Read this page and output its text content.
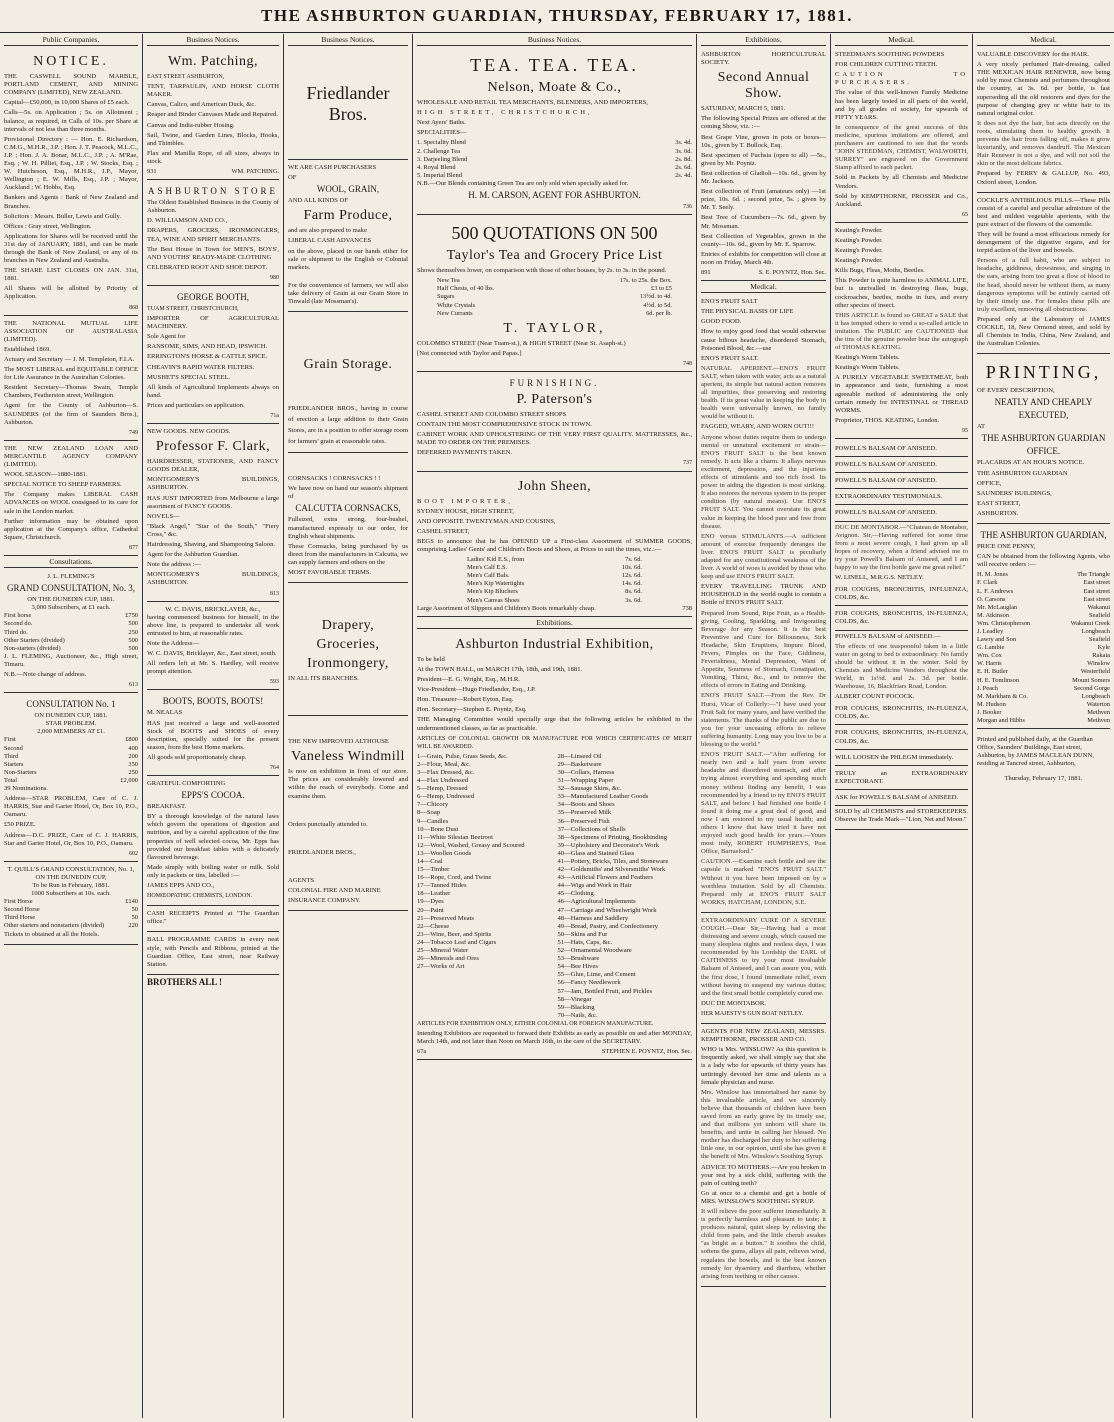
THE ASHBURTON GUARDIAN, THURSDAY, FEBRUARY 17, 1881.
Public Companies.
NOTICE.

THE CASWELL SOUND MARBLE, PORTLAND CEMENT, AND MINING COMPANY (LIMITED), NEW ZEALAND.

Capital—£50,000, in 10,000 Shares of £5 each.

Calls—5s. on Application ; 5s. on Allotment ; balance, as required, in Calls of 10s. per Share at intervals of not less than three months.

Provisional Directory : — Hon. E. Richardson, C.M.G., M.H.R., J.P. ; Hon. J. T. Peacock, M.L.C., J.P. ; Hon. J. A. Bonar, M.L.C., J.P. ; A. M'Rae, Esq. ; W. H. Pilliet, Esq., J.P. ; W. Stocks, Esq. ; W. Hutcheson, Esq., M.H.R., J.P., Mayor, Wellington ; E. W. Mills, Esq., J.P. ; Mayor, Auckland ; W. Hobbs, Esq.

Bankers and Agents : Bank of New Zealand and Branches.

Solicitors : Messrs. Buller, Lewis and Gully.

Offices : Gray street, Wellington.

Applications for Shares will be received until the 31st day of JANUARY, 1881, and can be made through the Bank of New Zealand, or any of its branches in New Zealand and Australia.

THE SHARE LIST CLOSES ON JAN. 31st, 1881.

All Shares will be allotted by Priority of Application.

868

THE NATIONAL MUTUAL LIFE ASSOCIATION OF AUSTRALASIA (LIMITED).

Established 1869.

Actuary and Secretary — J. M. Templeton, F.I.A.

The MOST LIBERAL and EQUITABLE OFFICE for Life Assurance in the Australian Colonies.

Resident Secretary—Thomas Swain, Temple Chambers, Featherston street, Wellington.

Agent for the County of Ashburton—S. SAUNDERS (of the firm of Saunders Bros.), Ashburton.

749

THE NEW ZEALAND LOAN AND MERCANTILE AGENCY COMPANY (LIMITED).

WOOL SEASON—1880-1881.

SPECIAL NOTICE TO SHEEP FARMERS.

The Company makes LIBERAL CASH ADVANCES on WOOL consigned to its care for sale in the London market.

Further information may be obtained upon application at the Company's office, Cathedral Square, Christchurch.

877
Consultations.
J. L. FLEMING'S
GRAND CONSULTATION, No. 3,
ON THE DUNEDIN CUP, 1881.
3,000 Subscribers, at £1 each.
First horse	£750
Second do.	500
Third do.	250
Other Starters (divided)	500
Non-starters (divided)	500

J. L. FLEMING, Auctioneer, &c., High street, Timaru.

N.B.—Note change of address.

613
CONSULTATION No. 1
ON DUNEDIN CUP, 1881.
STAR PROBLEM.
2,000 MEMBERS AT £1.
First	£800
Second	400
Third	200
Starters	350
Non-Starters	250
Total	£2,000

39 Nominations.

Address—STAR PROBLEM, Care of C. J. HARRIS, Star and Garter Hotel, Or, Box 10, P.O., Oamaru.

£50 PRIZE.

Address—D.C. PRIZE, Care of C. J. HARRIS, Star and Garter Hotel, Or, Box 10, P.O., Oamaru.

602
T. QUILL'S GRAND CONSULTATION, No. 1,
ON THE DUNEDIN CUP,
To be Run in February, 1881.
1000 Subscribers at 10s. each.
First Horse	£140
Second Horse	50
Third Horse	50
Other starters and nonstarters (divided)	220

Tickets to obtained at all the Hotels.

Business Notices.
Wm. Patching,

EAST STREET ASHBURTON,

TENT, TARPAULIN, AND HORSE CLOTH MAKER.

Canvas, Calico, and American Duck, &c.

Reaper and Binder Canvases Made and Repaired.

Canvas and India-rubber Hosing.

Sail, Twine, and Garden Lines, Blocks, Hooks, and Thimbles.

Flax and Manilla Rope, of all sizes, always in stock.

931	WM. PATCHING.
ASHBURTON STORE

The Oldest Established Business in the County of Ashburton.

D. WILLIAMSON AND CO.,

DRAPERS, GROCERS, IRONMONGERS, TEA, WINE AND SPIRIT MERCHANTS.

The Best House in Town for MEN'S, BOYS', AND YOUTHS' READY-MADE CLOTHING

CELEBRATED ROOT AND SHOE DEPOT.

980
GEORGE BOOTH,

TUAM STREET, CHRISTCHURCH,

IMPORTER OF AGRICULTURAL MACHINERY.

Sole Agent for

RANSOME, SIMS, AND HEAD, IPSWICH.

ERRINGTON'S HORSE & CATTLE SPICE.

CHEAVIN'S RAPID WATER FILTERS.

MUSHET'S SPECIAL STEEL.

All kinds of Agricultural Implements always on hand.

Prices and particulars on application.

71a

NEW GOODS. NEW GOODS.

Professor F. Clark,

HAIRDRESSER, STATIONER, AND FANCY GOODS DEALER,

MONTGOMERY'S BUILDINGS, ASHBURTON.

HAS JUST IMPORTED from Melbourne a large assortment of FANCY GOODS.

NOVELS—

"Black Angel," "Star of the South," "Fiery Cross," &c.

Hairdressing, Shaving, and Shampooing Saloon.

Agent for the Ashburton Guardian.

Note the address :—

MONTGOMERY'S BUILDINGS, ASHBURTON.

813
W. C. DAVIS, BRICKLAYER, &c.,

having commenced business for himself, in the above line, is prepared to undertake all work entrusted to him, at reasonable rates.

Note the Address—

W. C. DAVIS, Bricklayer, &c., East street, south.

All orders left at Mr. S. Hardley, will receive prompt attention.

593
BOOTS, BOOTS, BOOTS!

M. NEALAS

HAS just received a large and well-assorted Stock of BOOTS and SHOES of every description, specially suited for the present season, from the best Home markets.

All goods sold proportionately cheap.

764

GRATEFUL COMFORTING

EPPS'S COCOA.

BREAKFAST.

BY a thorough knowledge of the natural laws which govern the operations of digestion and nutrition, and by a careful application of the fine properties of well selected cocoa, Mr. Epps has provided our breakfast tables with a delicately flavoured beverage.

Made simply with boiling water or milk. Sold only in packets or tins, labelled :—

JAMES EPPS AND CO.,

HOMŒOPATHIC CHEMISTS, LONDON.

CASH RECEIPTS Printed at "The Guardian office."

BALL PROGRAMME CARDS in every neat style, with Pencils and Ribbons, printed at the Guardian Office, East street, near Railway Station.

BROTHERS ALL !
Business Notices.
Friedlander Bros.

WE ARE CASH PURCHASERS

OF

WOOL, GRAIN,

AND ALL KINDS OF

Farm Produce,

and are also prepared to make

LIBERAL CASH ADVANCES

on the above, placed in our hands either for sale or shipment to the English or Colonial markets.

For the convenience of farmers, we will also take delivery of Grain at our Grain Store in Tinwald (late Mossman's).

Grain Storage.

FRIEDLANDER BROS., having in course of erection a large addition to their Grain Stores, are in a position to offer storage room for farmers' grain at reasonable rates.

CORNSACKS ! CORNSACKS ! !

We have now on hand our season's shipment of

CALCUTTA CORNSACKS,

Fullsized, extra strong, four-bushel, manufactured expressly to our order, for English wheat shipments.

These Cornsacks, being purchased by us direct from the manufacturers in Calcutta, we can supply farmers and others on the

MOST FAVORABLE TERMS.

Drapery,
Groceries,
Ironmongery,

IN ALL ITS BRANCHES.

THE NEW IMPROVED ALTHOUSE

Vaneless Windmill

Is now on exhibition in front of our store. The prices are considerably lowered and within the reach of everybody. Come and examine them.

Orders punctually attended to.

FRIEDLANDER BROS.,

AGENTS

COLONIAL FIRE AND MARINE

INSURANCE COMPANY.

Business Notices.
TEA. TEA. TEA.
Nelson, Moate & Co.,

WHOLESALE AND RETAIL TEA MERCHANTS, BLENDERS, AND IMPORTERS,

HIGH STREET, CHRISTCHURCH,

Next Ayers' Baths.

SPECIALITIES—

1. Speciality Blend	3s. 4d.
2. Challenge Tea	3s. 0d.
3. Darjeeling Blend	2s. 8d.
4. Royal Blend	2s. 6d.
5. Imperial Blend	2s. 4d.

N.B.—Our Blends containing Green Tea are only sold when specially asked for.

H. M. CARSON, AGENT FOR ASHBURTON.
736
500 QUOTATIONS ON 500
Taylor's Tea and Grocery Price List

Shows themselves lower, on comparison with those of other houses, by 2s. to 3s. in the pound.

New Tea	17s. to 25s. the Box.
Half Chests, of 40 lbs.	£3 to £5
Sugars	13½d. to 4d.
White Crystals	4½d. to 5d.
New Currants	6d. per lb.
T. TAYLOR,

COLOMBO STREET (Near Tuam-st.), & HIGH STREET (Near St. Asaph-st.)

[Not connected with Taylor and Papas.]

748
FURNISHING.
P. Paterson's

CASHEL STREET AND COLOMBO STREET SHOPS

CONTAIN THE MOST COMPREHENSIVE STOCK IN TOWN.

CABINET WORK AND UPHOLSTERING OF THE VERY FIRST QUALITY. MATTRESSES, &c., MADE TO ORDER ON THE PREMISES.

DEFERRED PAYMENTS TAKEN.

737
John Sheen,

BOOT IMPORTER,

SYDNEY HOUSE, HIGH STREET,

AND OPPOSITE TWENTYMAN AND COUSINS,

CASHEL STREET,

BEGS to announce that he has OPENED UP a First-class Assortment of SUMMER GOODS, comprising Ladies' Gents' and Children's Boots and Shoes, at Prices to suit the times, viz.:—

Ladies' Kid E.S., from	7s. 6d.
Men's Calf E.S.	10s. 6d.
Men's Calf Bals.	12s. 6d.
Men's Kip Watertights	14s. 6d.
Men's Kip Bluchers	8s. 6d.
Men's Canvas Shoes	3s. 6d.
Large Assortment of Slippers and Children's Boots remarkably cheap.	738
Exhibitions.
Ashburton Industrial Exhibition,

To be held

At the TOWN HALL, on MARCH 17th, 18th, and 19th, 1881.

President—E. G. Wright, Esq., M.H.R.

Vice-President—Hugo Friedlander, Esq., J.P.

Hon. Treasurer—Robert Eyton, Esq.

Hon. Secretary—Stephen E. Poyntz, Esq.

THE Managing Committee would specially urge that the following articles be exhibited in the undermentioned classes, as far as practicable.

ARTICLES OF COLONIAL GROWTH OR MANUFACTURE FOR WHICH CERTIFICATES OF MERIT WILL BE AWARDED.

1—Grain, Pulse, Grass Seeds, &c.
2—Flour, Meal, &c.
3—Flax Dressed, &c.
4—Flax Undressed
5—Hemp, Dressed
6—Hemp, Undressed
7—Chicory
8—Soap
9—Candles
10—Bone Dust
11—White Silesian Beetroot
12—Wool, Washed, Greasy and Scoured
13—Woollen Goods
14—Coal
15—Timber
16—Rope, Cord, and Twine
17—Tanned Hides
18—Leather
19—Dyes
20—Paint
21—Preserved Meats
22—Cheese
23—Wine, Beer, and Spirits
24—Tobacco Leaf and Cigars
25—Mineral Water
26—Minerals and Ores
27—Works of Art
28—Linseed Oil
29—Basketware
30—Collars, Harness
31—Wrapping Paper
32—Sausage Skins, &c.
33—Manufactured Leather Goods
34—Boots and Shoes
35—Preserved Milk
36—Preserved Fish
37—Collections of Shells
38—Specimens of Printing, Bookbinding
39—Upholstery and Decorator's Work
40—Glass and Stained Glass
41—Pottery, Bricks, Tiles, and Stoneware
42—Goldsmiths' and Silversmiths' Work
43—Artificial Flowers and Feathers
44—Wigs and Work in Hair
45—Clothing
46—Agricultural Implements
47—Carriage and Wheelwright Work
48—Harness and Saddlery
49—Bread, Pastry, and Confectionery
50—Skins and Fur
51—Hats, Caps, &c.
52—Ornamental Woodware
53—Brushware
54—Bee Hives
55—Glue, Lime, and Cement
56—Fancy Needlework
57—Jam, Bottled Fruit, and Pickles
58—Vinegar
59—Blacking
70—Nails, &c.

ARTICLES FOR EXHIBITION ONLY, EITHER COLONIAL OR FOREIGN MANUFACTURE.

Intending Exhibitors are requested to forward their Exhibits as early as possible on and after MONDAY, March 14th, and not later than Noon on March 16th, to the care of the SECRETARY.

67a	STEPHEN E. POYNTZ, Hon. Sec.
Exhibitions.

ASHBURTON HORTICULTURAL SOCIETY.

Second Annual Show.

SATURDAY, MARCH 5, 1881.

The following Special Prizes are offered at the coming Show, viz. :—

Best Grape Vine, grown in pots or boxes—10s., given by T. Bullock, Esq.

Best specimen of Fuchsia (open to all) —5s., given by Mr. Poyntz.

Best collection of Gladioli—10s. 6d., given by Mr. Jackson.

Best collection of Fruit (amateurs only) —1st prize, 10s. 6d. ; second prize, 5s. ; given by Mr. T. Seely.

Best Tree of Cucumbers—7s. 6d., given by Mr. Mossman.

Best Collection of Vegetables, grown in the county—10s. 6d., given by Mr. E. Sparrow.

Entries of exhibits for competition will close at noon on Friday, March 4th.

891	S. E. POYNTZ, Hon. Sec.
Medical.

ENO'S FRUIT SALT

THE PHYSICAL BASIS OF LIFE

GOOD FOOD.

How to enjoy good food that would otherwise cause bilious headache, disordered Stomach, Poisoned Blood, &c.—use

ENO'S FRUIT SALT.

NATURAL APERIENT.—ENO'S FRUIT SALT, when taken with water, acts as a natural aperient, its simple but natural action removes all impurities, thus preserving and restoring health. If its great value in keeping the body in health were universally known, no family would be without it.

FAGGED, WEARY, AND WORN OUT!!!

Anyone whose duties require them to undergo mental or unnatural excitement or strain—ENO'S FRUIT SALT is the best known remedy. It acts like a charm. It allays nervous excitement, depression, and the injurious effects of stimulants and too rich food. Its power in aiding the digestion is most striking. It also restores the nervous system to its proper condition (by natural means). Use ENO'S FRUIT SALT. You cannot overstate its great value in keeping the blood pure and free from disease.

ENO versus STIMULANTS.—A sufficient amount of exercise frequently deranges the liver. ENO'S FRUIT SALT is peculiarly adapted for any constitutional weakness of the liver. A world of woes is avoided by those who keep and use ENO'S FRUIT SALT.

EVERY TRAVELLING TRUNK AND HOUSEHOLD in the world ought to contain a Bottle of ENO'S FRUIT SALT.

Prepared from Sound, Ripe Fruit, as a Health-giving, Cooling, Sparkling, and Invigorating Beverage for any Season. It is the best Preventive and Cure for Biliousness, Sick Headache, Skin Eruptions, Impure Blood, Fevers, Pimples on the Face, Giddiness, Feverishness, Mental Depression, Want of Appetite, Sourness of Stomach, Constipation, Vomiting, Thirst, &c., and to remove the effects of errors in Eating and Drinking.

ENO'S FRUIT SALT.—From the Rev. Dr Hurst, Vicar of Collerly:—"I have used your Fruit Salt for many years, and have verified the statements. The thanks of the public are due to you for your unceasing efforts to relieve suffering humanity. Long may you live to be a blessing to the world."

ENO'S FRUIT SALT.—"After suffering for nearly two and a half years from severe headache and disordered stomach, and after trying almost everything and spending much money without finding any benefit, I was recommended by a friend to try ENO'S FRUIT SALT, and before I had finished one bottle I found it doing me a great deal of good, and now I am restored to my usual health; and others I know that have tried it have not enjoyed such good health for years.—Yours most truly, ROBERT HUMPHREYS, Post Office, Barrasford."

CAUTION.—Examine each bottle and see the capsule is marked "ENO'S FRUIT SALT." Without it you have been imposed on by a worthless imitation. Sold by all Chemists. Prepared only at ENO'S FRUIT SALT WORKS, HATCHAM, LONDON, S.E.

EXTRAORDINARY CURE OF A SEVERE COUGH.—Dear Sir,—Having had a most distressing and severe cough, which caused me many sleepless nights and restless days, I was recommended by his Lordship the EARL of CAITHNESS to try your most invaluable Balsam of Aniseed, and I can assure you, with the first dose, I found immediate relief, even without having to suspend my various duties; and the first small bottle completely cured me.

DUC DE MONTABOR.

HER MAJESTY'S GUN BOAT NETLEY.

AGENTS FOR NEW ZEALAND, MESSRS. KEMPTHORNE, PROSSER AND CO.

WHO is Mrs. WINSLOW? As this question is frequently asked, we shall simply say that she is a lady who for upwards of thirty years has untiringly devoted her time and talents as a female physician and nurse.

Mrs. Winslow has immortalised her name by this invaluable article, and we sincerely believe that thousands of children have been saved from an early grave by its timely use, and that millions yet unborn will share its benefits, and unite in calling her blessed. No mother has discharged her duty to her suffering little one, in our opinion, until she has given it the benefit of Mrs. Winslow's Soothing Syrup.

ADVICE TO MOTHERS.—Are you broken in your rest by a sick child, suffering with the pain of cutting teeth?

Go at once to a chemist and get a bottle of MRS. WINSLOW'S SOOTHING SYRUP.

It will relieve the poor sufferer immediately. It is perfectly harmless and pleasant to taste; it produces natural, quiet sleep by relieving the child from pain, and the little cherub awakes "as bright as a button." It soothes the child, softens the gums, allays all pain, relieves wind, regulates the bowels, and is the best known remedy for dysentery and diarrhœa, whether arising from teething or other causes.

Medical.

STEEDMAN'S SOOTHING POWDERS

FOR CHILDREN CUTTING TEETH.

CAUTION TO PURCHASERS.

The value of this well-known Family Medicine has been largely tested in all parts of the world, and by all grades of society, for upwards of FIFTY YEARS.

In consequence of the great success of this medicine, spurious imitations are offered, and purchasers are cautioned to see that the words "JOHN STEEDMAN, CHEMIST, WALWORTH, SURREY" are engraved on the Government Stamp affixed to each packet.

Sold in Packets by all Chemists and Medicine Vendors.

Sold by KEMPTHORNE, PROSSER and Co., Auckland.

65

Keating's Powder.

Keating's Powder.

Keating's Powder.

Keating's Powder.

Kills Bugs, Fleas, Moths, Beetles.

This Powder is quite harmless to ANIMAL LIFE, but is unrivalled in destroying fleas, bugs, cockroaches, beetles, moths in furs, and every other species of insect.

THIS ARTICLE is found so GREAT a SALE that it has tempted others to vend a so-called article in imitation. The PUBLIC are CAUTIONED that the tins of the genuine powder bear the autograph of THOMAS KEATING.

Keating's Worm Tablets.

Keating's Worm Tablets.

A PURELY VEGETABLE SWEETMEAT, both in appearance and taste, furnishing a most agreeable method of administering the only certain remedy for INTESTINAL or THREAD WORMS.

Proprietor, THOS. KEATING, London.

95

POWELL'S BALSAM OF ANISEED.

POWELL'S BALSAM OF ANISEED.

POWELL'S BALSAM OF ANISEED.

EXTRAORDINARY TESTIMONIALS.

POWELL'S BALSAM OF ANISEED.

DUC DE MONTABOR.—"Chateau de Montabor, Avignon. Sir,—Having suffered for some time from a most severe cough, I had given up all hopes of recovery, when a friend advised me to try your Powell's Balsam of Aniseed, and I am happy to say the first bottle gave me great relief."

W. LINELL, M.R.G.S. NETLEY.

FOR COUGHS, BRONCHITIS, INFLUENZA, COLDS, &c.

FOR COUGHS, BRONCHITIS, IN-FLUENZA, COLDS, &c.

POWELL'S BALSAM of ANISEED.—

The effects of one teaspoonful taken in a little water on going to bed is extraordinary. No family should be without it in the winter. Sold by Chemists and Medicine Vendors throughout the World, in 1s½d. and 2s. 3d. per bottle. Warehouse, 16, Blackfriars Road, London.

ALBERT COUNT POCOCK.

FOR COUGHS, BRONCHITIS, IN-FLUENZA, COLDS, &c.

FOR COUGHS, BRONCHITIS, IN-FLUENZA, COLDS, &c.

WILL LOOSEN the PHLEGM immediately.

TRULY an EXTRAORDINARY EXPECTORANT.

ASK for POWELL'S BALSAM of ANISEED.

SOLD by all CHEMISTS and STOREKEEPERS. Observe the Trade Mark—"Lion, Net and Moon."

Medical.

VALUABLE DISCOVERY for the HAIR.

A very nicely perfumed Hair-dressing, called THE MEXICAN HAIR RENEWER, now being sold by most Chemists and perfumers throughout the country, at 3s. 6d. per bottle, is fast superseding all the old restorers and dyes for the purpose of changing grey or white hair to its natural original color.

It does not dye the hair, but acts directly on the roots, stimulating them to healthy growth. It prevents the hair from falling off, makes it grow luxuriantly, and removes dandruff. The Mexican Hair Renewer is not a dye, and will not soil the skin or the most delicate fabrics.

Prepared by FERRY & GALLUP, No. 493, Oxford street, London.

COCKLE'S ANTIBILIOUS PILLS.—These Pills consist of a careful and peculiar admixture of the best and mildest vegetable aperients, with the pure extract of the flowers of the camomile.

They will be found a most efficacious remedy for derangement of the digestive organs, and for torpid action of the liver and bowels.

Persons of a full habit, who are subject to headache, giddiness, drowsiness, and singing in the ears, arising from too great a flow of blood to the head, should never be without them, as many dangerous symptoms will be entirely carried off by their timely use. For females these pills are truly excellent, removing all obstructions.

Prepared only at the Laboratory of JAMES COCKLE, 18, New Ormond street, and sold by all Chemists in India, China, New Zealand, and the Australian Colonies.

PRINTING,

OF EVERY DESCRIPTION,

NEATLY AND CHEAPLY
EXECUTED,

AT

THE ASHBURTON GUARDIAN
OFFICE.

PLACARDS AT AN HOUR'S NOTICE.

THE ASHBURTON GUARDIAN

OFFICE,

SAUNDERS' BUILDINGS,

EAST STREET,

ASHBURTON.

THE ASHBURTON GUARDIAN,

PRICE ONE PENNY,

CAN be obtained from the following Agents, who will receive orders :—

H. M. Jones	The Triangle
F. Clark	East street
L. F. Andrews	East street
O. Carsons	East street
Mr. McLauglan	Wakanui
M. Atkinson	Seafield
Wm. Christopherson	Wakanui Creek
J. Leadley	Longbeach
Lawry and Son	Seafield
G. Lambie	Kyle
Wm. Cox	Rakaia
W. Harris	Winslow
E. H. Butler	Westerfield
H. E. Tomlinson	Mount Somers
J. Peach	Second Gorge
M. Markham & Co.	Longbeach
M. Hudson	Waterton
J. Booker	Methven
Morgan and Hibbs	Methven

Printed and published daily, at the Guardian Office, Saunders' Buildings, East street, Ashburton, by JAMES MACLEAN DUNN, residing at Tancred street, Ashburton,

Thursday, February 17, 1881.
